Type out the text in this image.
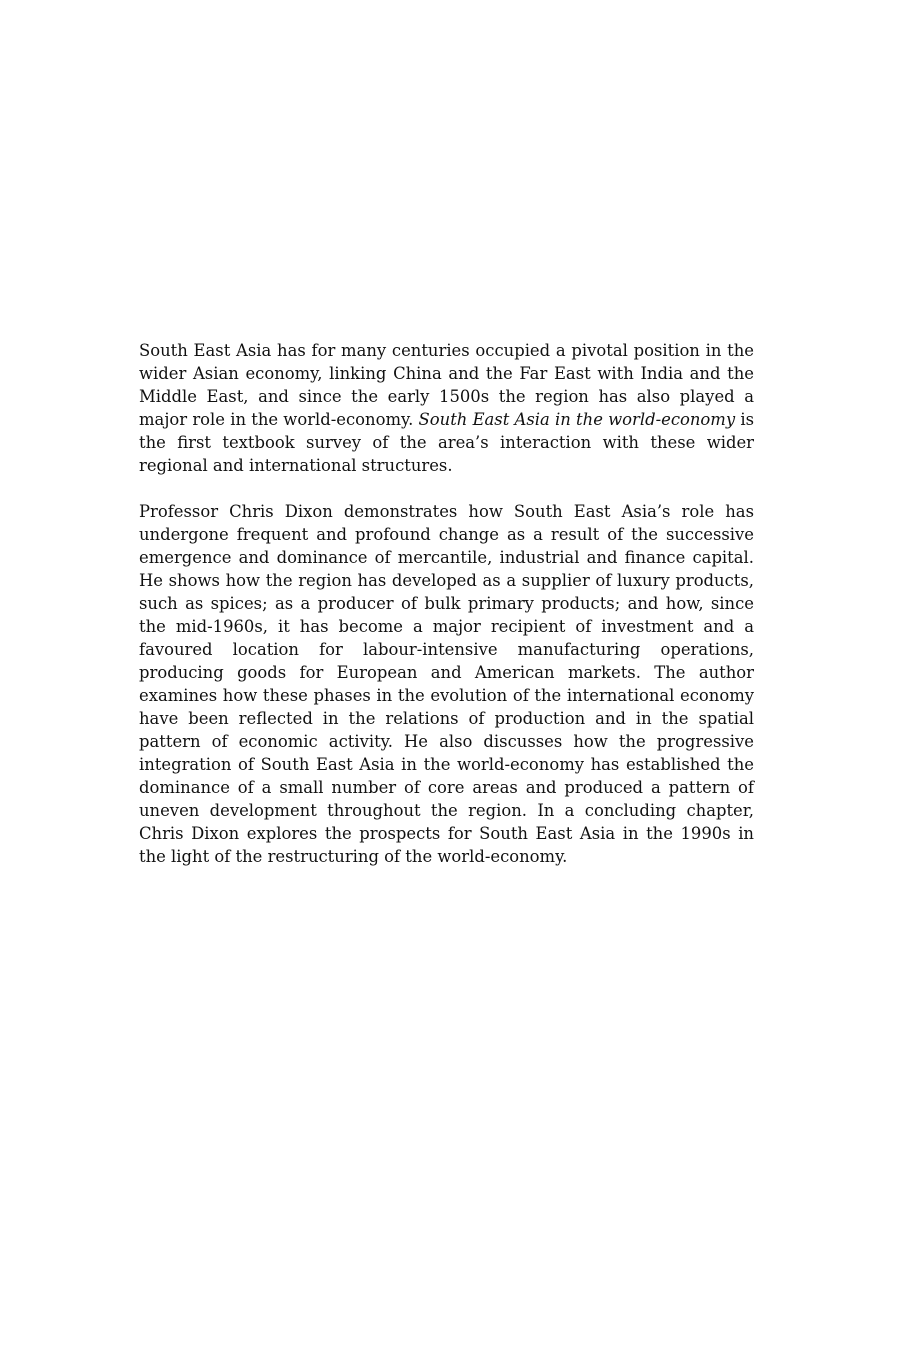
South East Asia has for many centuries occupied a pivotal position in the wider Asian economy, linking China and the Far East with India and the Middle East, and since the early 1500s the region has also played a major role in the world-economy. South East Asia in the world-economy is the first textbook survey of the area’s interaction with these wider regional and international structures.

Professor Chris Dixon demonstrates how South East Asia’s role has undergone frequent and profound change as a result of the successive emergence and dominance of mercantile, industrial and finance capital. He shows how the region has developed as a supplier of luxury products, such as spices; as a producer of bulk primary products; and how, since the mid-1960s, it has become a major recipient of investment and a favoured location for labour-intensive manufacturing operations, producing goods for European and American markets. The author examines how these phases in the evolution of the international economy have been reflected in the relations of production and in the spatial pattern of economic activity. He also discusses how the progressive integration of South East Asia in the world-economy has established the dominance of a small number of core areas and produced a pattern of uneven development throughout the region. In a concluding chapter, Chris Dixon explores the prospects for South East Asia in the 1990s in the light of the restructuring of the world-economy.
